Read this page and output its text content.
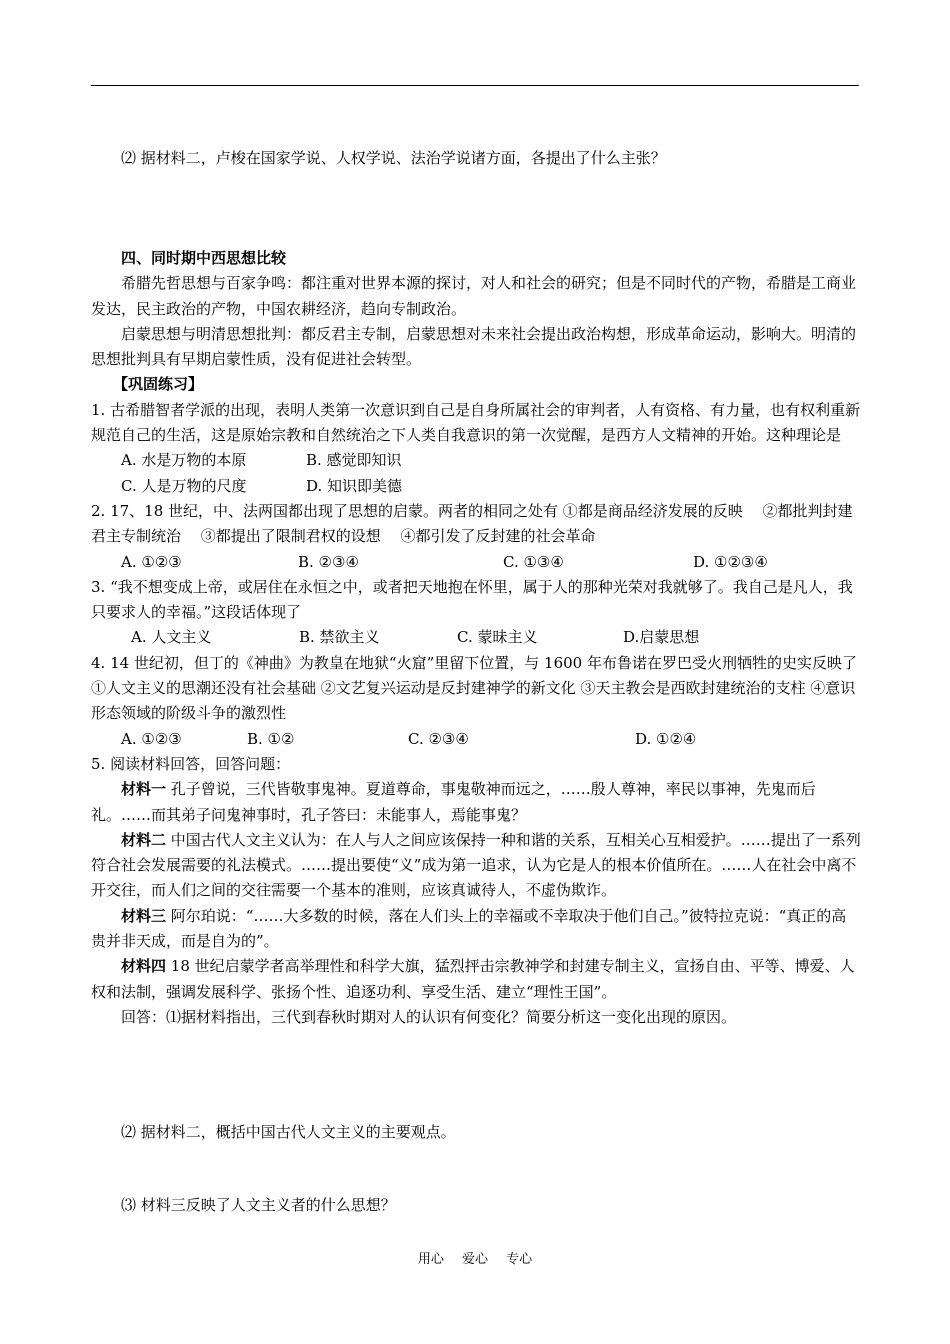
⑵ 据材料二，卢梭在国家学说、人权学说、法治学说诸方面，各提出了什么主张？

四、同时期中西思想比较

希腊先哲思想与百家争鸣：都注重对世界本源的探讨，对人和社会的研究；但是不同时代的产物，希腊是工商业发达，民主政治的产物，中国农耕经济，趋向专制政治。

启蒙思想与明清思想批判：都反君主专制，启蒙思想对未来社会提出政治构想，形成革命运动，影响大。明清的思想批判具有早期启蒙性质，没有促进社会转型。

【巩固练习】

1. 古希腊智者学派的出现，表明人类第一次意识到自己是自身所属社会的审判者，人有资格、有力量，也有权利重新规范自己的生活，这是原始宗教和自然统治之下人类自我意识的第一次觉醒，是西方人文精神的开始。这种理论是

A. 水是万物的本原	B. 感觉即知识
C. 人是万物的尺度	D. 知识即美德

2. 17、18 世纪，中、法两国都出现了思想的启蒙。两者的相同之处有 ①都是商品经济发展的反映　 ②都批判封建君主专制统治　 ③都提出了限制君权的设想　 ④都引发了反封建的社会革命

A. ①②③	B. ②③④	C. ①③④	D. ①②③④

3. “我不想变成上帝，或居住在永恒之中，或者把天地抱在怀里，属于人的那种光荣对我就够了。我自己是凡人，我只要求人的幸福。”这段话体现了

A. 人文主义	B. 禁欲主义	C. 蒙昧主义	D.启蒙思想

4. 14 世纪初，但丁的《神曲》为教皇在地狱“火窟”里留下位置，与 1600 年布鲁诺在罗巴受火刑牺牲的史实反映了 ①人文主义的思潮还没有社会基础 ②文艺复兴运动是反封建神学的新文化 ③天主教会是西欧封建统治的支柱 ④意识形态领域的阶级斗争的激烈性

A. ①②③	B. ①②	C. ②③④	D. ①②④

5. 阅读材料回答，回答问题：

材料一 孔子曾说，三代皆敬事鬼神。夏道尊命，事鬼敬神而远之，……殷人尊神，率民以事神，先鬼而后礼。……而其弟子问鬼神事时，孔子答曰：未能事人，焉能事鬼？

材料二 中国古代人文主义认为：在人与人之间应该保持一种和谐的关系，互相关心互相爱护。……提出了一系列符合社会发展需要的礼法模式。……提出要使“义”成为第一追求，认为它是人的根本价值所在。……人在社会中离不开交往，而人们之间的交往需要一个基本的准则，应该真诚待人，不虚伪欺诈。

材料三 阿尔珀说：“……大多数的时候，落在人们头上的幸福或不幸取决于他们自己。”彼特拉克说：“真正的高贵并非天成，而是自为的”。

材料四 18 世纪启蒙学者高举理性和科学大旗，猛烈抨击宗教神学和封建专制主义，宣扬自由、平等、博爱、人权和法制，强调发展科学、张扬个性、追逐功利、享受生活、建立“理性王国”。

回答：⑴据材料指出，三代到春秋时期对人的认识有何变化？简要分析这一变化出现的原因。

⑵ 据材料二，概括中国古代人文主义的主要观点。

⑶ 材料三反映了人文主义者的什么思想？

用心 爱心 专心
